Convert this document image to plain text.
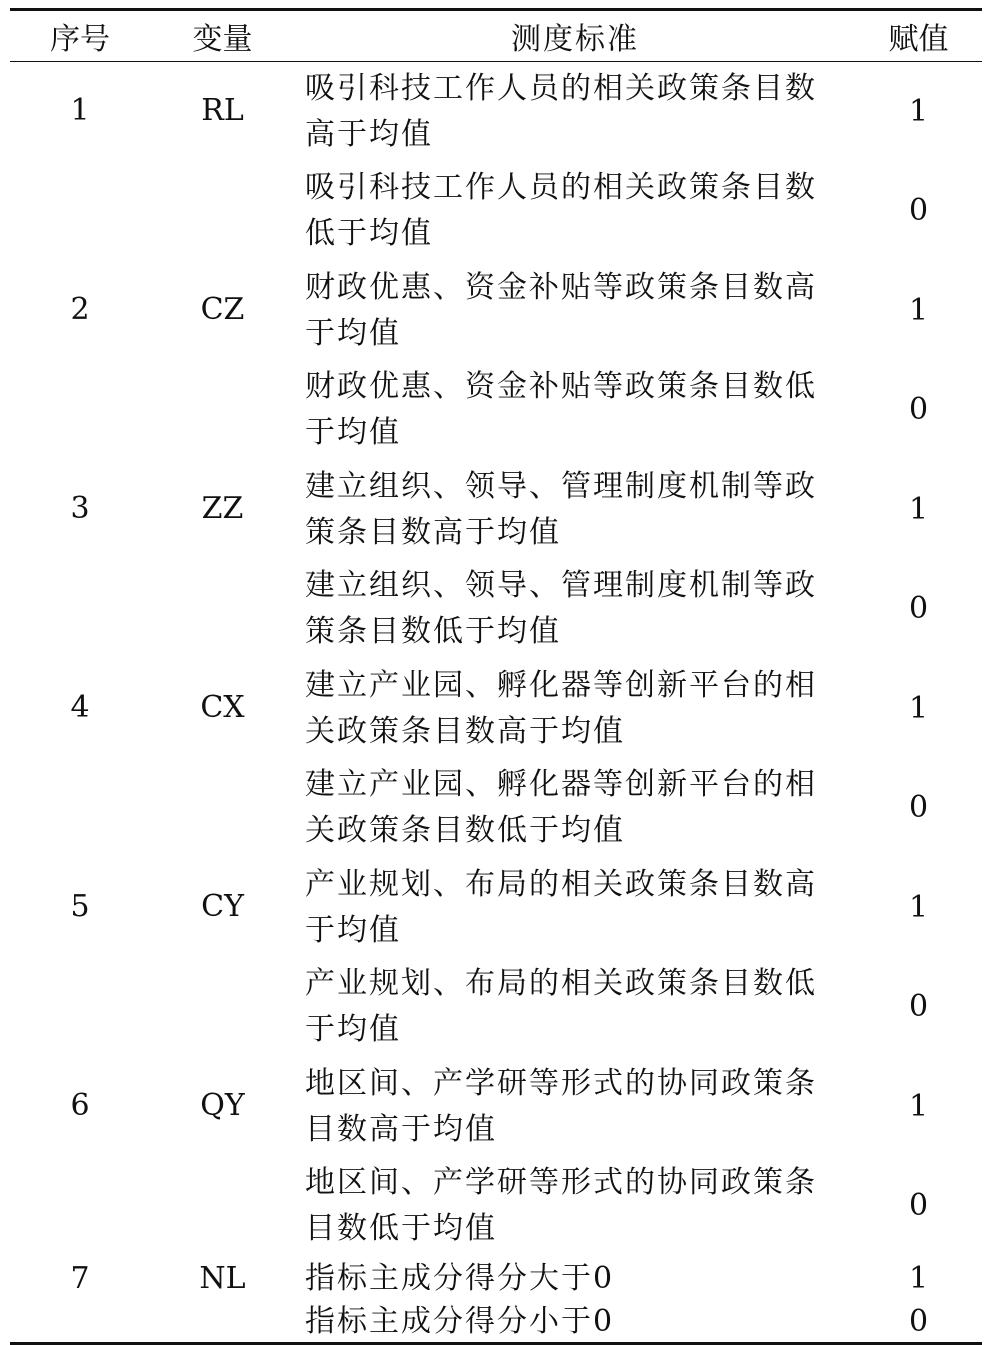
序号	变量	测度标准	赋值
1	RL	吸引科技工作人员的相关政策条目数高于均值	1
		吸引科技工作人员的相关政策条目数低于均值	0
2	CZ	财政优惠、资金补贴等政策条目数高于均值	1
		财政优惠、资金补贴等政策条目数低于均值	0
3	ZZ	建立组织、领导、管理制度机制等政策条目数高于均值	1
		建立组织、领导、管理制度机制等政策条目数低于均值	0
4	CX	建立产业园、孵化器等创新平台的相关政策条目数高于均值	1
		建立产业园、孵化器等创新平台的相关政策条目数低于均值	0
5	CY	产业规划、布局的相关政策条目数高于均值	1
		产业规划、布局的相关政策条目数低于均值	0
6	QY	地区间、产学研等形式的协同政策条目数高于均值	1
		地区间、产学研等形式的协同政策条目数低于均值	0
7	NL	指标主成分得分大于0	1
		指标主成分得分小于0	0
